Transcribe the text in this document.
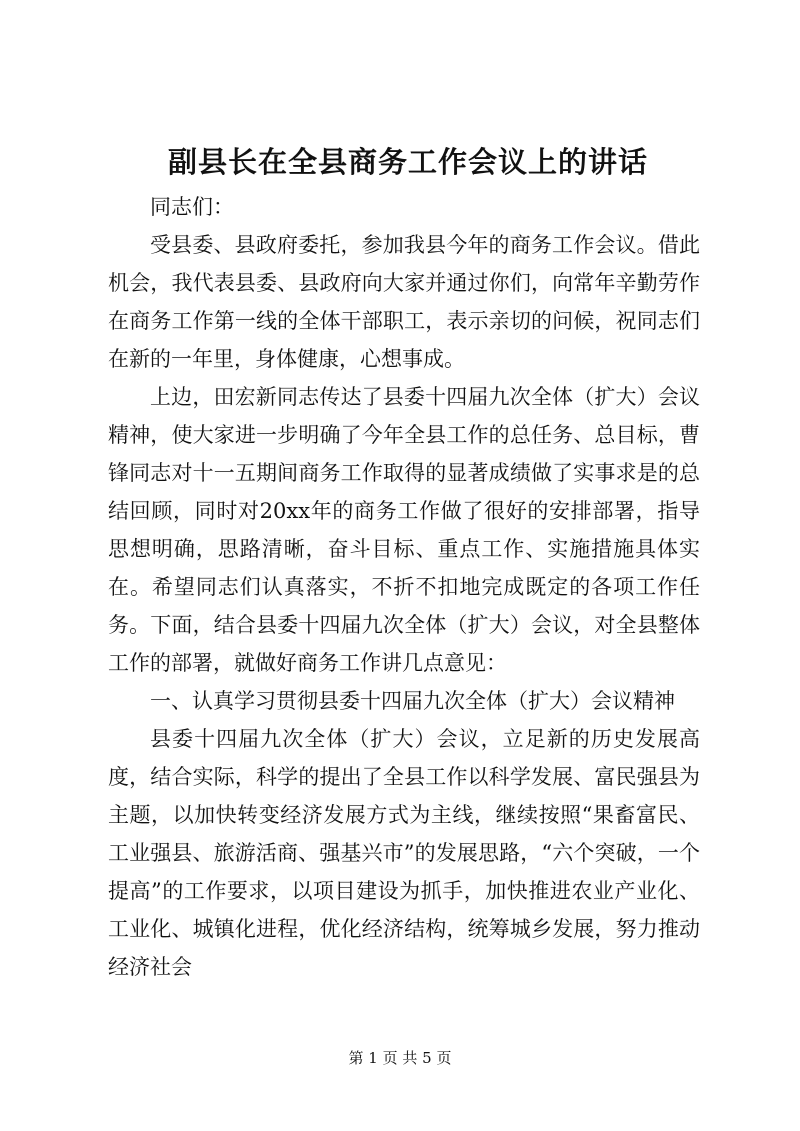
副县长在全县商务工作会议上的讲话

同志们：

受县委、县政府委托，参加我县今年的商务工作会议。借此机会，我代表县委、县政府向大家并通过你们，向常年辛勤劳作在商务工作第一线的全体干部职工，表示亲切的问候，祝同志们在新的一年里，身体健康，心想事成。

上边，田宏新同志传达了县委十四届九次全体（扩大）会议精神，使大家进一步明确了今年全县工作的总任务、总目标，曹锋同志对十一五期间商务工作取得的显著成绩做了实事求是的总结回顾，同时对20xx年的商务工作做了很好的安排部署，指导思想明确，思路清晰，奋斗目标、重点工作、实施措施具体实在。希望同志们认真落实，不折不扣地完成既定的各项工作任务。下面，结合县委十四届九次全体（扩大）会议，对全县整体工作的部署，就做好商务工作讲几点意见：

一、认真学习贯彻县委十四届九次全体（扩大）会议精神

县委十四届九次全体（扩大）会议，立足新的历史发展高度，结合实际，科学的提出了全县工作以科学发展、富民强县为主题，以加快转变经济发展方式为主线，继续按照“果畜富民、工业强县、旅游活商、强基兴市”的发展思路，“六个突破，一个提高”的工作要求，以项目建设为抓手，加快推进农业产业化、工业化、城镇化进程，优化经济结构，统筹城乡发展，努力推动经济社会

第 1 页 共 5 页
